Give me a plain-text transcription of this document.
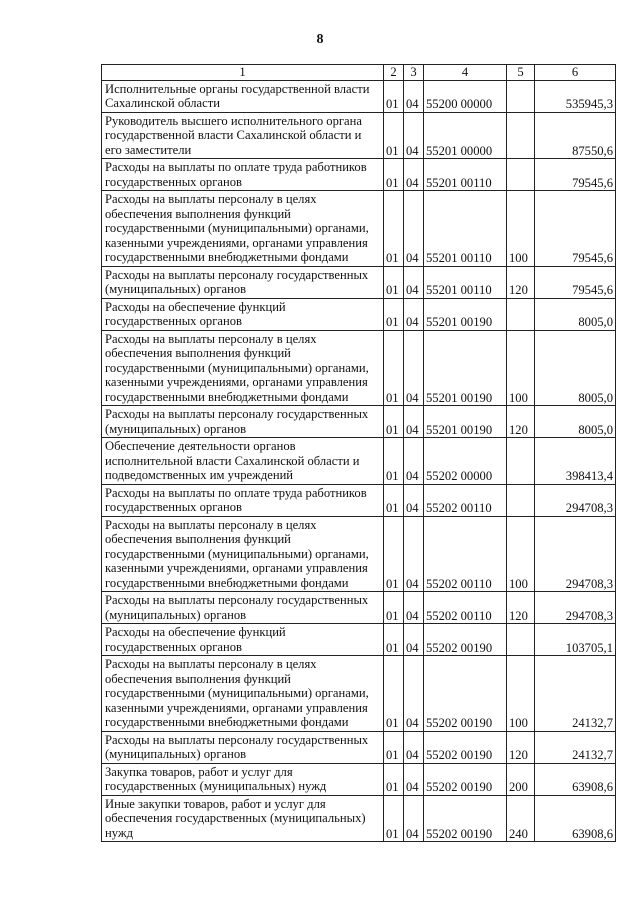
8
1	2	3	4	5	6
Исполнительные органы государственной власти Сахалинской области	01	04	55200 00000		535945,3
Руководитель высшего исполнительного органа государственной власти Сахалинской области и его заместители	01	04	55201 00000		87550,6
Расходы на выплаты по оплате труда работников государственных органов	01	04	55201 00110		79545,6
Расходы на выплаты персоналу в целях обеспечения выполнения функций государственными (муниципальными) органами, казенными учреждениями, органами управления государственными внебюджетными фондами	01	04	55201 00110	100	79545,6
Расходы на выплаты персоналу государственных (муниципальных) органов	01	04	55201 00110	120	79545,6
Расходы на обеспечение функций государственных органов	01	04	55201 00190		8005,0
Расходы на выплаты персоналу в целях обеспечения выполнения функций государственными (муниципальными) органами, казенными учреждениями, органами управления государственными внебюджетными фондами	01	04	55201 00190	100	8005,0
Расходы на выплаты персоналу государственных (муниципальных) органов	01	04	55201 00190	120	8005,0
Обеспечение деятельности органов исполнительной власти Сахалинской области и подведомственных им учреждений	01	04	55202 00000		398413,4
Расходы на выплаты по оплате труда работников государственных органов	01	04	55202 00110		294708,3
Расходы на выплаты персоналу в целях обеспечения выполнения функций государственными (муниципальными) органами, казенными учреждениями, органами управления государственными внебюджетными фондами	01	04	55202 00110	100	294708,3
Расходы на выплаты персоналу государственных (муниципальных) органов	01	04	55202 00110	120	294708,3
Расходы на обеспечение функций государственных органов	01	04	55202 00190		103705,1
Расходы на выплаты персоналу в целях обеспечения выполнения функций государственными (муниципальными) органами, казенными учреждениями, органами управления государственными внебюджетными фондами	01	04	55202 00190	100	24132,7
Расходы на выплаты персоналу государственных (муниципальных) органов	01	04	55202 00190	120	24132,7
Закупка товаров, работ и услуг для государственных (муниципальных) нужд	01	04	55202 00190	200	63908,6
Иные закупки товаров, работ и услуг для обеспечения государственных (муниципальных) нужд	01	04	55202 00190	240	63908,6
